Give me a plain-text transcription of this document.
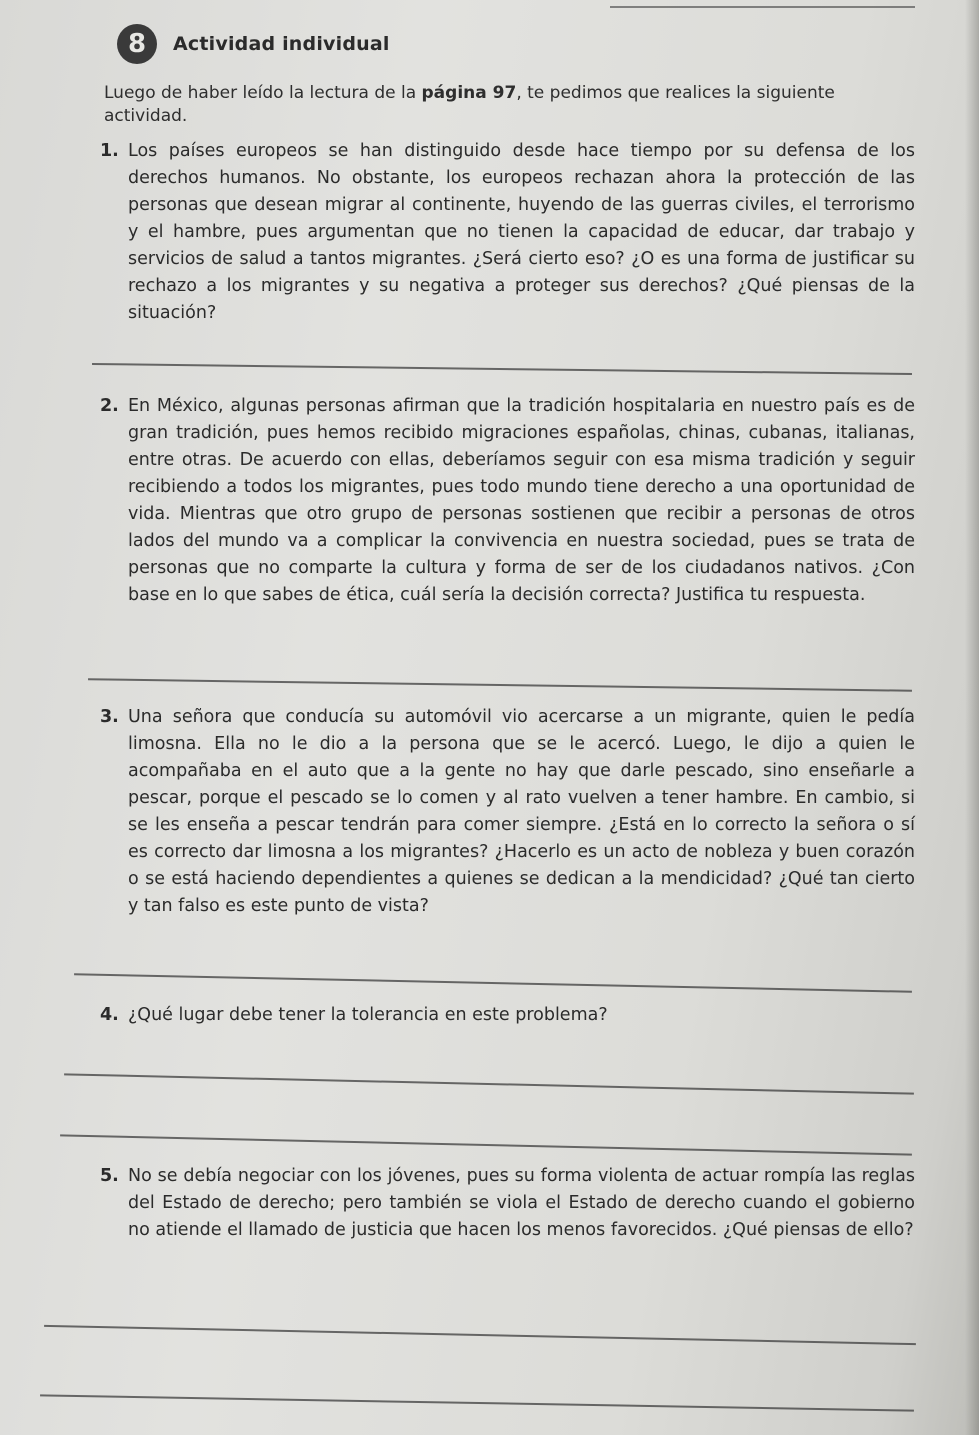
8	Actividad individual
Luego de haber leído la lectura de la página 97, te pedimos que realices la siguiente actividad.
1. Los países europeos se han distinguido desde hace tiempo por su defensa de los derechos humanos. No obstante, los europeos rechazan ahora la protección de las personas que desean migrar al continente, huyendo de las guerras civiles, el terrorismo y el hambre, pues argumentan que no tienen la capacidad de educar, dar trabajo y servicios de salud a tantos migrantes. ¿Será cierto eso? ¿O es una forma de justificar su rechazo a los migrantes y su negativa a proteger sus derechos? ¿Qué piensas de la situación?
2. En México, algunas personas afirman que la tradición hospitalaria en nuestro país es de gran tradición, pues hemos recibido migraciones españolas, chinas, cubanas, italianas, entre otras. De acuerdo con ellas, deberíamos seguir con esa misma tradición y seguir recibiendo a todos los migrantes, pues todo mundo tiene derecho a una oportunidad de vida. Mientras que otro grupo de personas sostienen que recibir a personas de otros lados del mundo va a complicar la convivencia en nuestra sociedad, pues se trata de personas que no comparte la cultura y forma de ser de los ciudadanos nativos. ¿Con base en lo que sabes de ética, cuál sería la decisión correcta? Justifica tu respuesta.
3. Una señora que conducía su automóvil vio acercarse a un migrante, quien le pedía limosna. Ella no le dio a la persona que se le acercó. Luego, le dijo a quien le acompañaba en el auto que a la gente no hay que darle pescado, sino enseñarle a pescar, porque el pescado se lo comen y al rato vuelven a tener hambre. En cambio, si se les enseña a pescar tendrán para comer siempre. ¿Está en lo correcto la señora o sí es correcto dar limosna a los migrantes? ¿Hacerlo es un acto de nobleza y buen corazón o se está haciendo dependientes a quienes se dedican a la mendicidad? ¿Qué tan cierto y tan falso es este punto de vista?
4. ¿Qué lugar debe tener la tolerancia en este problema?
5. No se debía negociar con los jóvenes, pues su forma violenta de actuar rompía las reglas del Estado de derecho; pero también se viola el Estado de derecho cuando el gobierno no atiende el llamado de justicia que hacen los menos favorecidos. ¿Qué piensas de ello?
